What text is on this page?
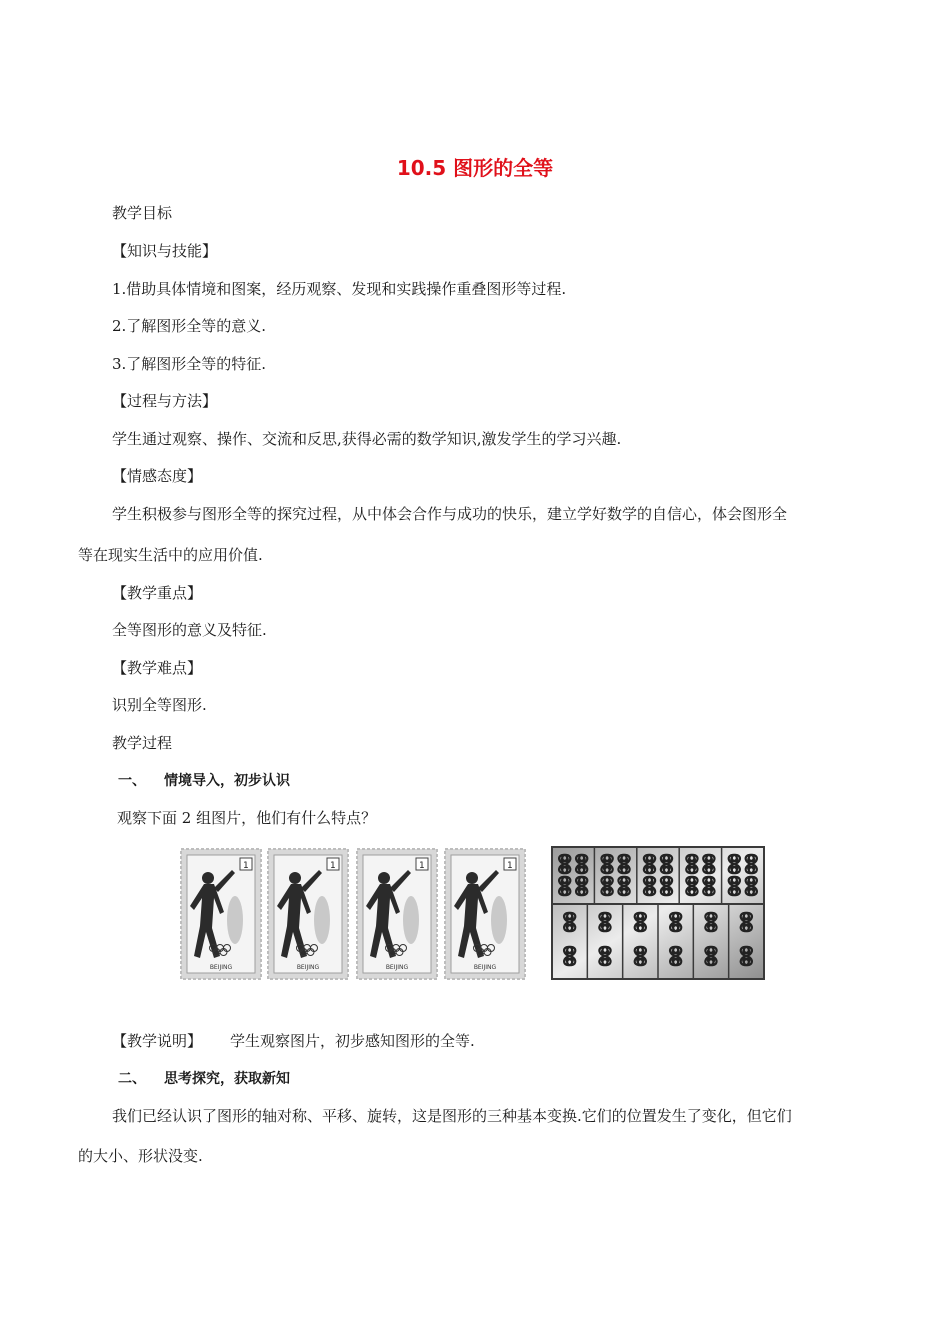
10.5 图形的全等
教学目标
【知识与技能】
1.借助具体情境和图案，经历观察、发现和实践操作重叠图形等过程.
2.了解图形全等的意义.
3.了解图形全等的特征.
【过程与方法】
学生通过观察、操作、交流和反思,获得必需的数学知识,激发学生的学习兴趣.
【情感态度】
学生积极参与图形全等的探究过程，从中体会合作与成功的快乐，建立学好数学的自信心，体会图形全
等在现实生活中的应用价值.
【教学重点】
全等图形的意义及特征.
【教学难点】
识别全等图形.
教学过程
一、 情境导入，初步认识
观察下面 2 组图片，他们有什么特点？
1
BEIJING
1
BEIJING
1
BEIJING
1
BEIJING
【教学说明】 学生观察图片，初步感知图形的全等.
二、 思考探究，获取新知
我们已经认识了图形的轴对称、平移、旋转，这是图形的三种基本变换.它们的位置发生了变化，但它们
的大小、形状没变.
